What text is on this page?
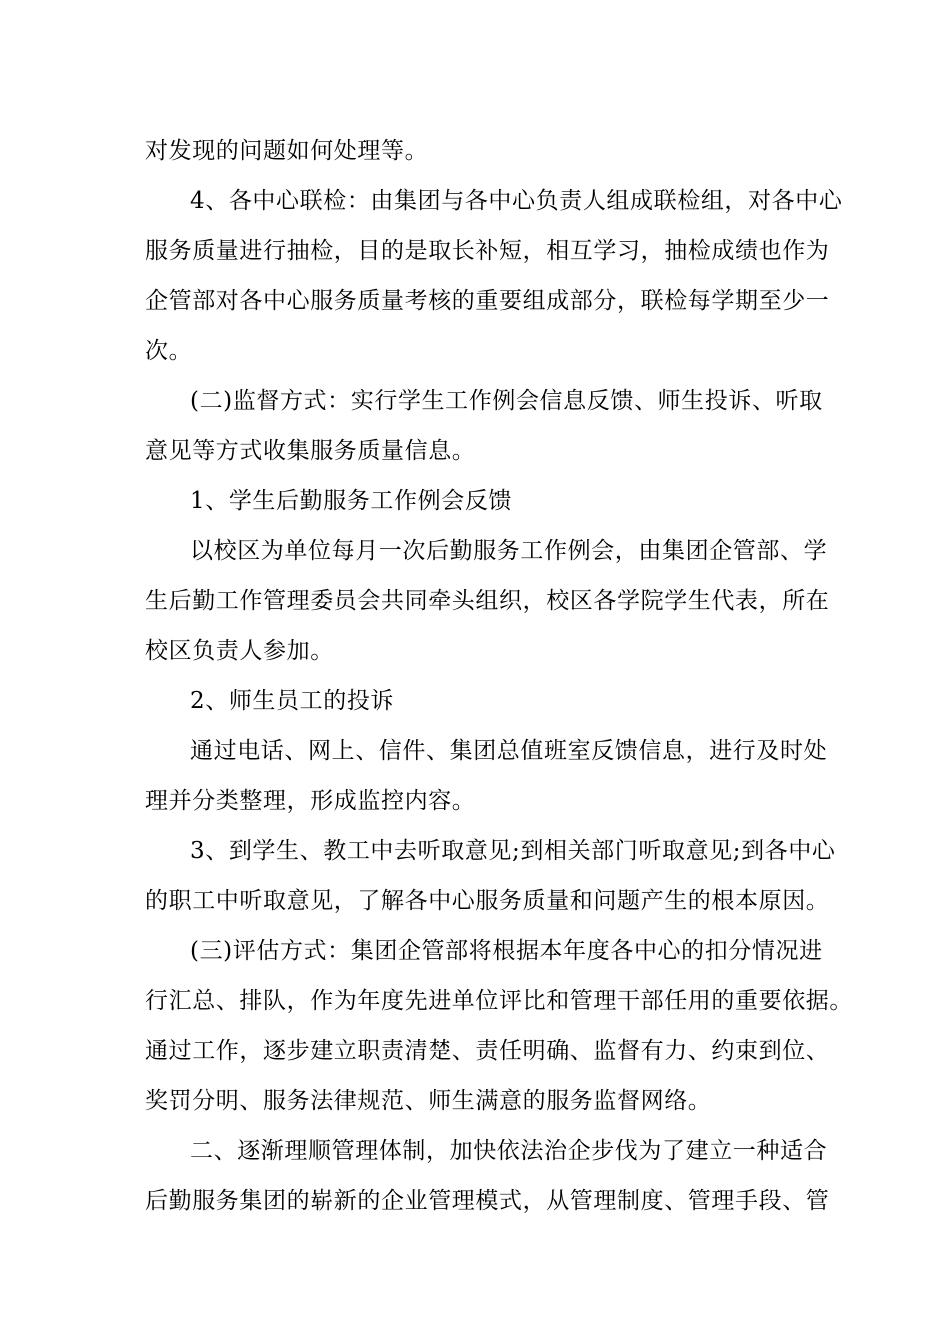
对发现的问题如何处理等。
4、各中心联检：由集团与各中心负责人组成联检组，对各中心
服务质量进行抽检，目的是取长补短，相互学习，抽检成绩也作为
企管部对各中心服务质量考核的重要组成部分，联检每学期至少一
次。
(二)监督方式：实行学生工作例会信息反馈、师生投诉、听取
意见等方式收集服务质量信息。
1、学生后勤服务工作例会反馈
以校区为单位每月一次后勤服务工作例会，由集团企管部、学
生后勤工作管理委员会共同牵头组织，校区各学院学生代表，所在
校区负责人参加。
2、师生员工的投诉
通过电话、网上、信件、集团总值班室反馈信息，进行及时处
理并分类整理，形成监控内容。
3、到学生、教工中去听取意见;到相关部门听取意见;到各中心
的职工中听取意见，了解各中心服务质量和问题产生的根本原因。
(三)评估方式：集团企管部将根据本年度各中心的扣分情况进
行汇总、排队，作为年度先进单位评比和管理干部任用的重要依据。
通过工作，逐步建立职责清楚、责任明确、监督有力、约束到位、
奖罚分明、服务法律规范、师生满意的服务监督网络。
二、逐渐理顺管理体制，加快依法治企步伐为了建立一种适合
后勤服务集团的崭新的企业管理模式，从管理制度、管理手段、管
